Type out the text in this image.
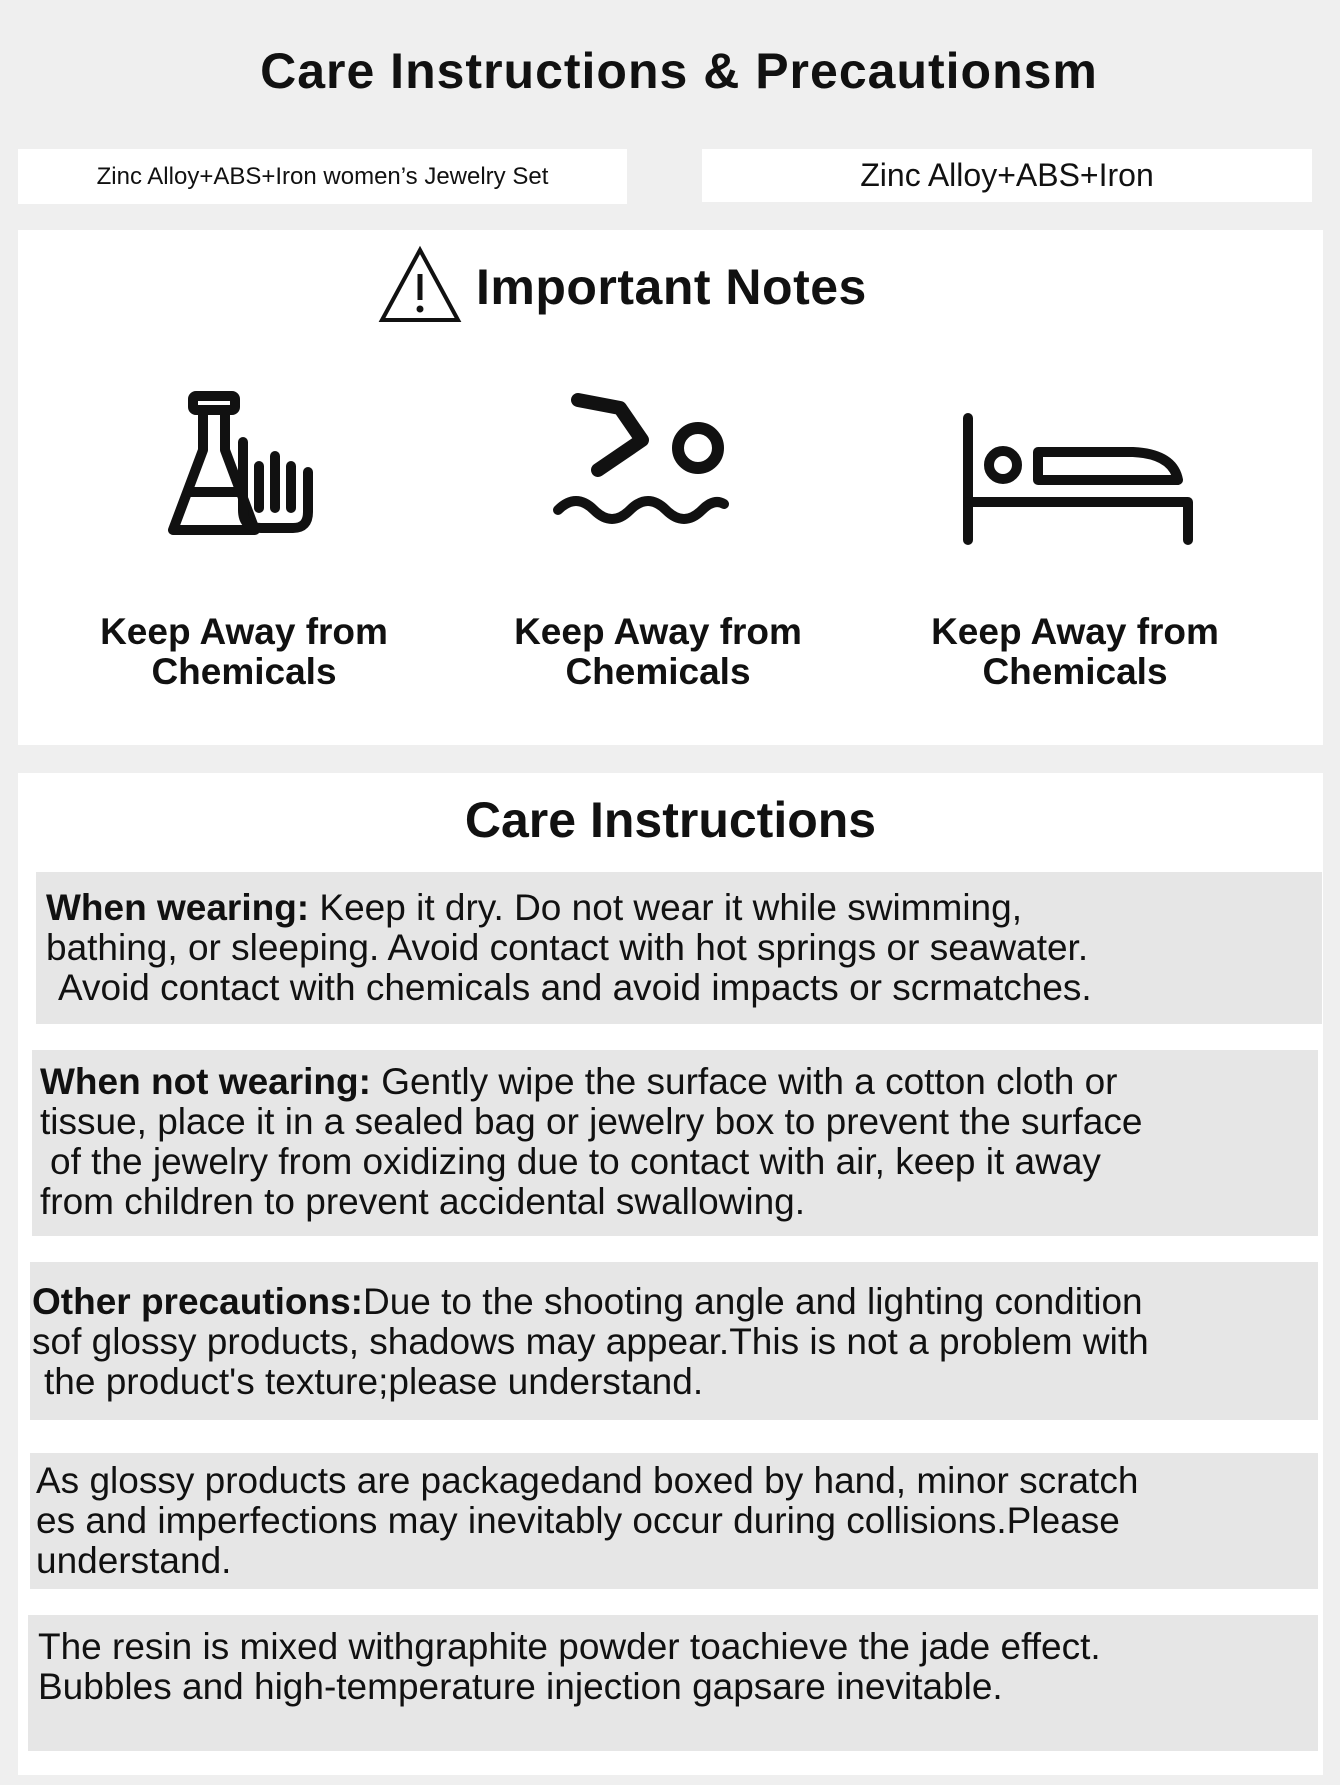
Care Instructions & Precautionsm
Zinc Alloy+ABS+Iron women’s Jewelry Set	Zinc Alloy+ABS+Iron
Important Notes
Keep Away from
Chemicals
Keep Away from
Chemicals
Keep Away from
Chemicals
Care Instructions
When wearing: Keep it dry. Do not wear it while swimming,
bathing, or sleeping. Avoid contact with hot springs or seawater.
Avoid contact with chemicals and avoid impacts or scrmatches.
When not wearing: Gently wipe the surface with a cotton cloth or
tissue, place it in a sealed bag or jewelry box to prevent the surface
of the jewelry from oxidizing due to contact with air, keep it away
from children to prevent accidental swallowing.
Other precautions:Due to the shooting angle and lighting condition
sof glossy products, shadows may appear.This is not a problem with
the product's texture;please understand.
As glossy products are packagedand boxed by hand, minor scratch
es and imperfections may inevitably occur during collisions.Please
understand.
The resin is mixed withgraphite powder toachieve the jade effect.
Bubbles and high-temperature injection gapsare inevitable.
